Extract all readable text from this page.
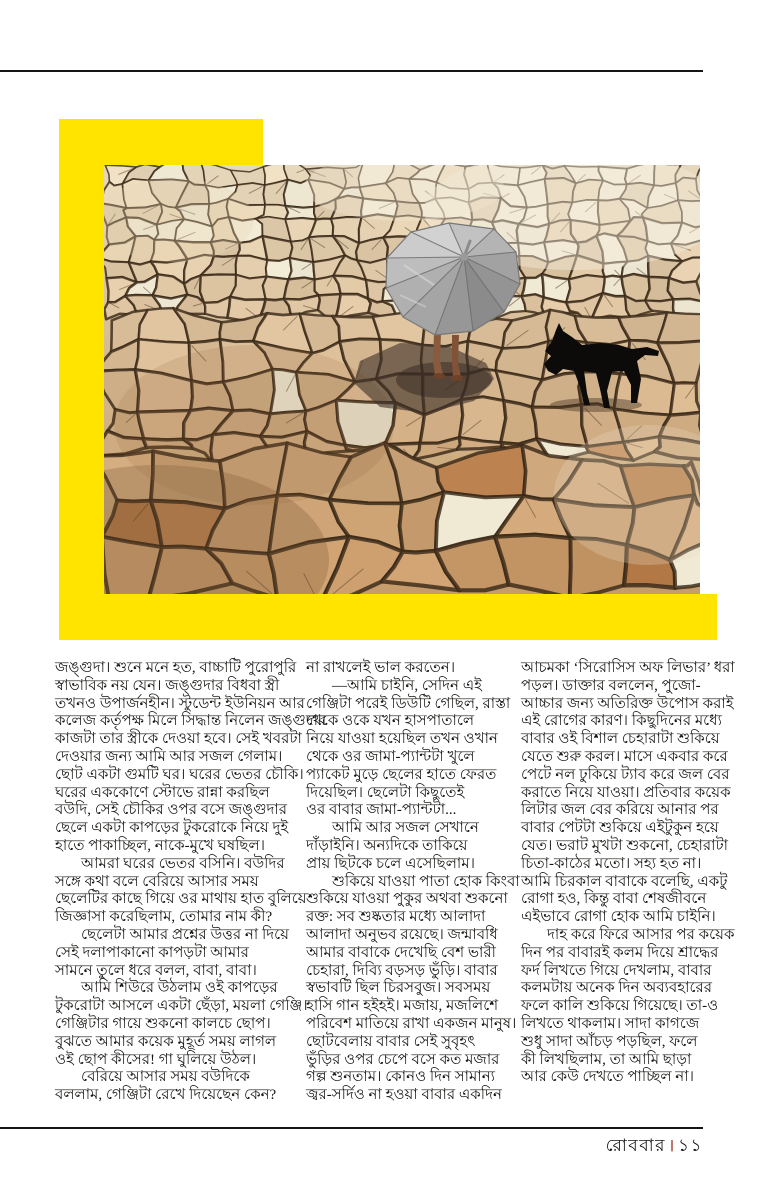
জঙ্গুদা। শুনে মনে হত, বাচ্চাটি পুরোপুরি
স্বাভাবিক নয় যেন। জঙ্গুদার বিধবা স্ত্রী
তখনও উপার্জনহীন। স্টুডেন্ট ইউনিয়ন আর
কলেজ কর্তৃপক্ষ মিলে সিদ্ধান্ত নিলেন জঙ্গুদার
কাজটা তার স্ত্রীকে দেওয়া হবে। সেই খবরটা
দেওয়ার জন্য আমি আর সজল গেলাম।
ছোট একটা গুমটি ঘর। ঘরের ভেতর চৌকি।
ঘরের এককোণে স্টোভে রান্না করছিল
বউদি, সেই চৌকির ওপর বসে জঙ্গুদার
ছেলে একটা কাপড়ের টুকরোকে নিয়ে দুই
হাতে পাকাচ্ছিল, নাকে-মুখে ঘষছিল।
আমরা ঘরের ভেতর বসিনি। বউদির
সঙ্গে কথা বলে বেরিয়ে আসার সময়
ছেলেটির কাছে গিয়ে ওর মাথায় হাত বুলিয়ে
জিজ্ঞাসা করেছিলাম, তোমার নাম কী?
ছেলেটা আমার প্রশ্নের উত্তর না দিয়ে
সেই দলাপাকানো কাপড়টা আমার
সামনে তুলে ধরে বলল, বাবা, বাবা।
আমি শিউরে উঠলাম ওই কাপড়ের
টুকরোটা আসলে একটা ছেঁড়া, ময়লা গেঞ্জি।
গেঞ্জিটার গায়ে শুকনো কালচে ছোপ।
বুঝতে আমার কয়েক মুহূর্ত সময় লাগল
ওই ছোপ কীসের! গা ঘুলিয়ে উঠল।
বেরিয়ে আসার সময় বউদিকে
বললাম, গেঞ্জিটা রেখে দিয়েছেন কেন?
না রাখলেই ভাল করতেন।
—আমি চাইনি, সেদিন এই
গেঞ্জিটা পরেই ডিউটি গেছিল, রাস্তা
থেকে ওকে যখন হাসপাতালে
নিয়ে যাওয়া হয়েছিল তখন ওখান
থেকে ওর জামা-প্যান্টটা খুলে
প্যাকেট মুড়ে ছেলের হাতে ফেরত
দিয়েছিল। ছেলেটা কিছুতেই
ওর বাবার জামা-প্যান্টটা...
আমি আর সজল সেখানে
দাঁড়াইনি। অন্যদিকে তাকিয়ে
প্রায় ছিটকে চলে এসেছিলাম।
শুকিয়ে যাওয়া পাতা হোক কিংবা
শুকিয়ে যাওয়া পুকুর অথবা শুকনো
রক্ত: সব শুষ্কতার মধ্যে আলাদা
আলাদা অনুভব রয়েছে। জন্মাবধি
আমার বাবাকে দেখেছি বেশ ভারী
চেহারা, দিব্যি বড়সড় ভুঁড়ি। বাবার
স্বভাবটি ছিল চিরসবুজ। সবসময়
হাসি গান হইহই। মজায়, মজলিশে
পরিবেশ মাতিয়ে রাখা একজন মানুষ।
ছোটবেলায় বাবার সেই সুবৃহৎ
ভুঁড়ির ওপর চেপে বসে কত মজার
গল্প শুনতাম। কোনও দিন সামান্য
জ্বর-সর্দিও না হওয়া বাবার একদিন
আচমকা ‘সিরোসিস অফ লিভার’ ধরা
পড়ল। ডাক্তার বললেন, পুজো-
আচ্চার জন্য অতিরিক্ত উপোস করাই
এই রোগের কারণ। কিছুদিনের মধ্যে
বাবার ওই বিশাল চেহারাটা শুকিয়ে
যেতে শুরু করল। মাসে একবার করে
পেটে নল ঢুকিয়ে ট্যাব করে জল বের
করাতে নিয়ে যাওয়া। প্রতিবার কয়েক
লিটার জল বের করিয়ে আনার পর
বাবার পেটটা শুকিয়ে এইটুকুন হয়ে
যেত। ভরাট মুখটা শুকনো, চেহারাটা
চিতা-কাঠের মতো। সহ্য হত না।
আমি চিরকাল বাবাকে বলেছি, একটু
রোগা হও, কিন্তু বাবা শেষজীবনে
এইভাবে রোগা হোক আমি চাইনি।
দাহ করে ফিরে আসার পর কয়েক
দিন পর বাবারই কলম দিয়ে শ্রাদ্ধের
ফর্দ লিখতে গিয়ে দেখলাম, বাবার
কলমটায় অনেক দিন অব্যবহারের
ফলে কালি শুকিয়ে গিয়েছে। তা-ও
লিখতে থাকলাম। সাদা কাগজে
শুধু সাদা আঁচড় পড়ছিল, ফলে
কী লিখছিলাম, তা আমি ছাড়া
আর কেউ দেখতে পাচ্ছিল না।
রোববার । ১১
